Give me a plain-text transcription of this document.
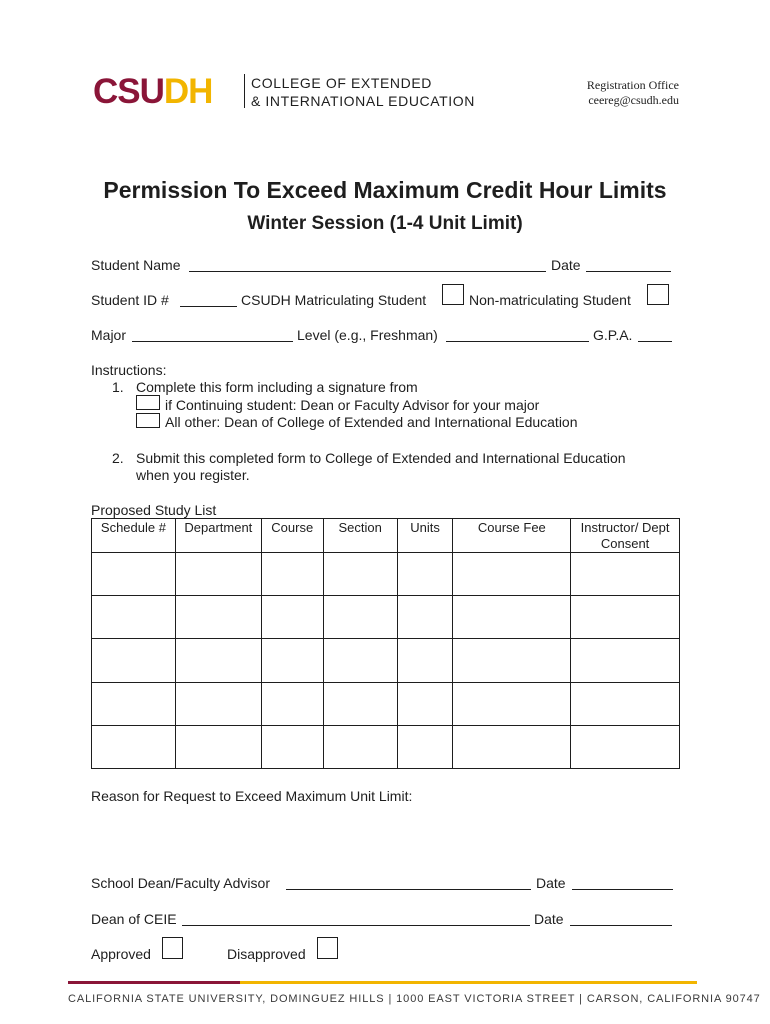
CSUDH	COLLEGE OF EXTENDED
& INTERNATIONAL EDUCATION
Registration Office
ceereg@csudh.edu
Permission To Exceed Maximum Credit Hour Limits
Winter Session (1-4 Unit Limit)
Student Name	Date
Student ID #	CSUDH Matriculating Student	Non-matriculating Student
Major	Level (e.g., Freshman)	G.P.A.
Instructions:
1. Complete this form including a signature from
if Continuing student: Dean or Faculty Advisor for your major
All other: Dean of College of Extended and International Education
2. Submit this completed form to College of Extended and International Education
when you register.
Proposed Study List
Schedule #	Department	Course	Section	Units	Course Fee	Instructor/ Dept Consent

Reason for Request to Exceed Maximum Unit Limit:
School Dean/Faculty Advisor	Date
Dean of CEIE	Date
Approved	Disapproved
CALIFORNIA STATE UNIVERSITY, DOMINGUEZ HILLS | 1000 EAST VICTORIA STREET | CARSON, CALIFORNIA 90747
